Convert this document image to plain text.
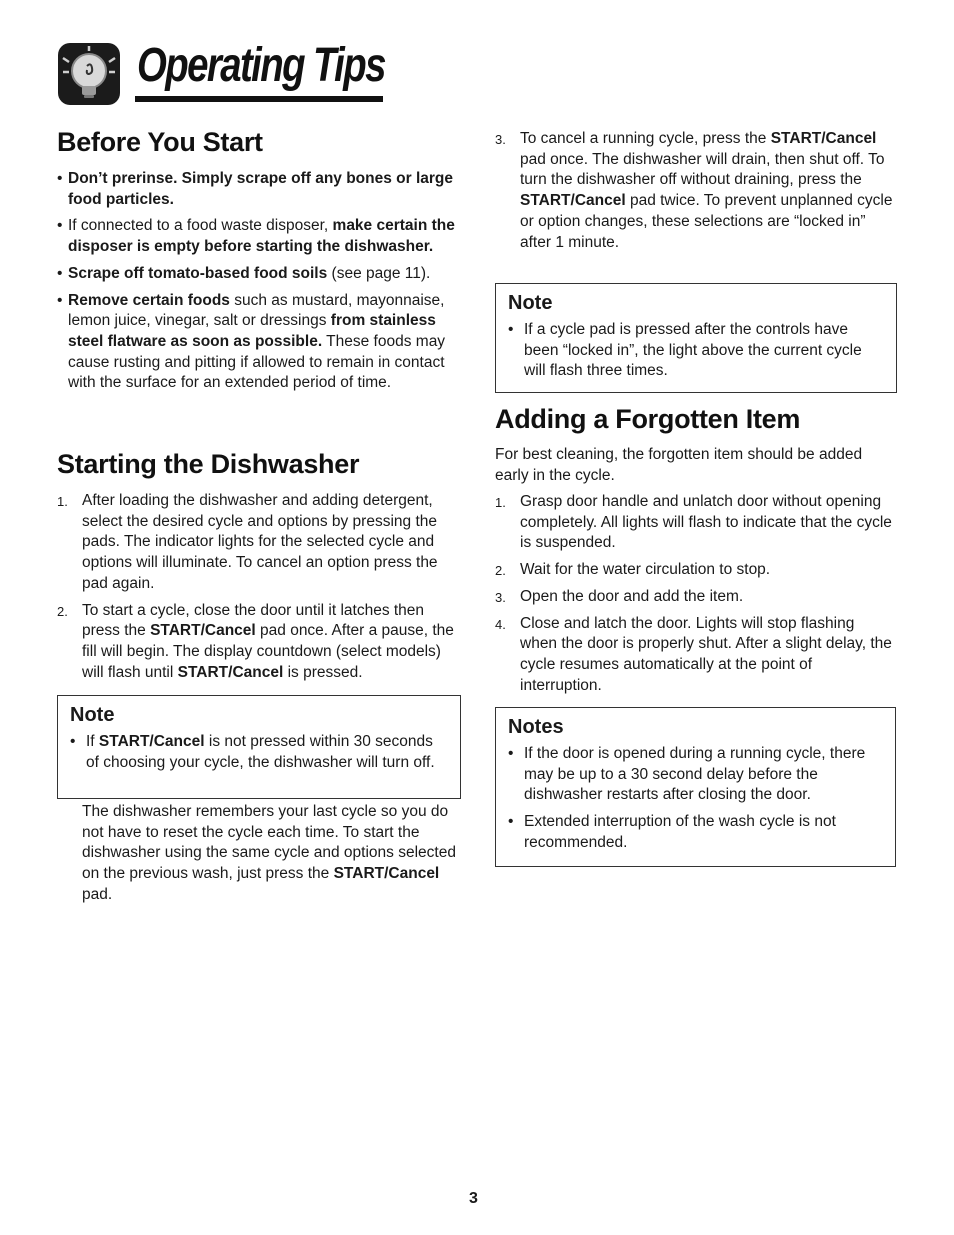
Operating Tips
Before You Start
• Don’t prerinse. Simply scrape off any bones or large food particles.
• If connected to a food waste disposer, make certain the disposer is empty before starting the dishwasher.
• Scrape off tomato-based food soils (see page 11).
• Remove certain foods such as mustard, mayonnaise, lemon juice, vinegar, salt or dressings from stainless steel flatware as soon as possible. These foods may cause rusting and pitting if allowed to remain in contact with the surface for an extended period of time.
Starting the Dishwasher
1. After loading the dishwasher and adding detergent, select the desired cycle and options by pressing the pads. The indicator lights for the selected cycle and options will illuminate. To cancel an option press the pad again.
2. To start a cycle, close the door until it latches then press the START/Cancel pad once. After a pause, the fill will begin. The display countdown (select models) will flash until START/Cancel is pressed.
Note
• If START/Cancel is not pressed within 30 seconds of choosing your cycle, the dishwasher will turn off.

The dishwasher remembers your last cycle so you do not have to reset the cycle each time. To start the dishwasher using the same cycle and options selected on the previous wash, just press the START/Cancel pad.

3. To cancel a running cycle, press the START/Cancel pad once. The dishwasher will drain, then shut off. To turn the dishwasher off without draining, press the START/Cancel pad twice. To prevent unplanned cycle or option changes, these selections are “locked in” after 1 minute.
Note
• If a cycle pad is pressed after the controls have been “locked in”, the light above the current cycle will flash three times.
Adding a Forgotten Item

For best cleaning, the forgotten item should be added early in the cycle.

1. Grasp door handle and unlatch door without opening completely. All lights will flash to indicate that the cycle is suspended.
2. Wait for the water circulation to stop.
3. Open the door and add the item.
4. Close and latch the door. Lights will stop flashing when the door is properly shut. After a slight delay, the cycle resumes automatically at the point of interruption.
Notes
• If the door is opened during a running cycle, there may be up to a 30 second delay before the dishwasher restarts after closing the door.
• Extended interruption of the wash cycle is not recommended.
3
